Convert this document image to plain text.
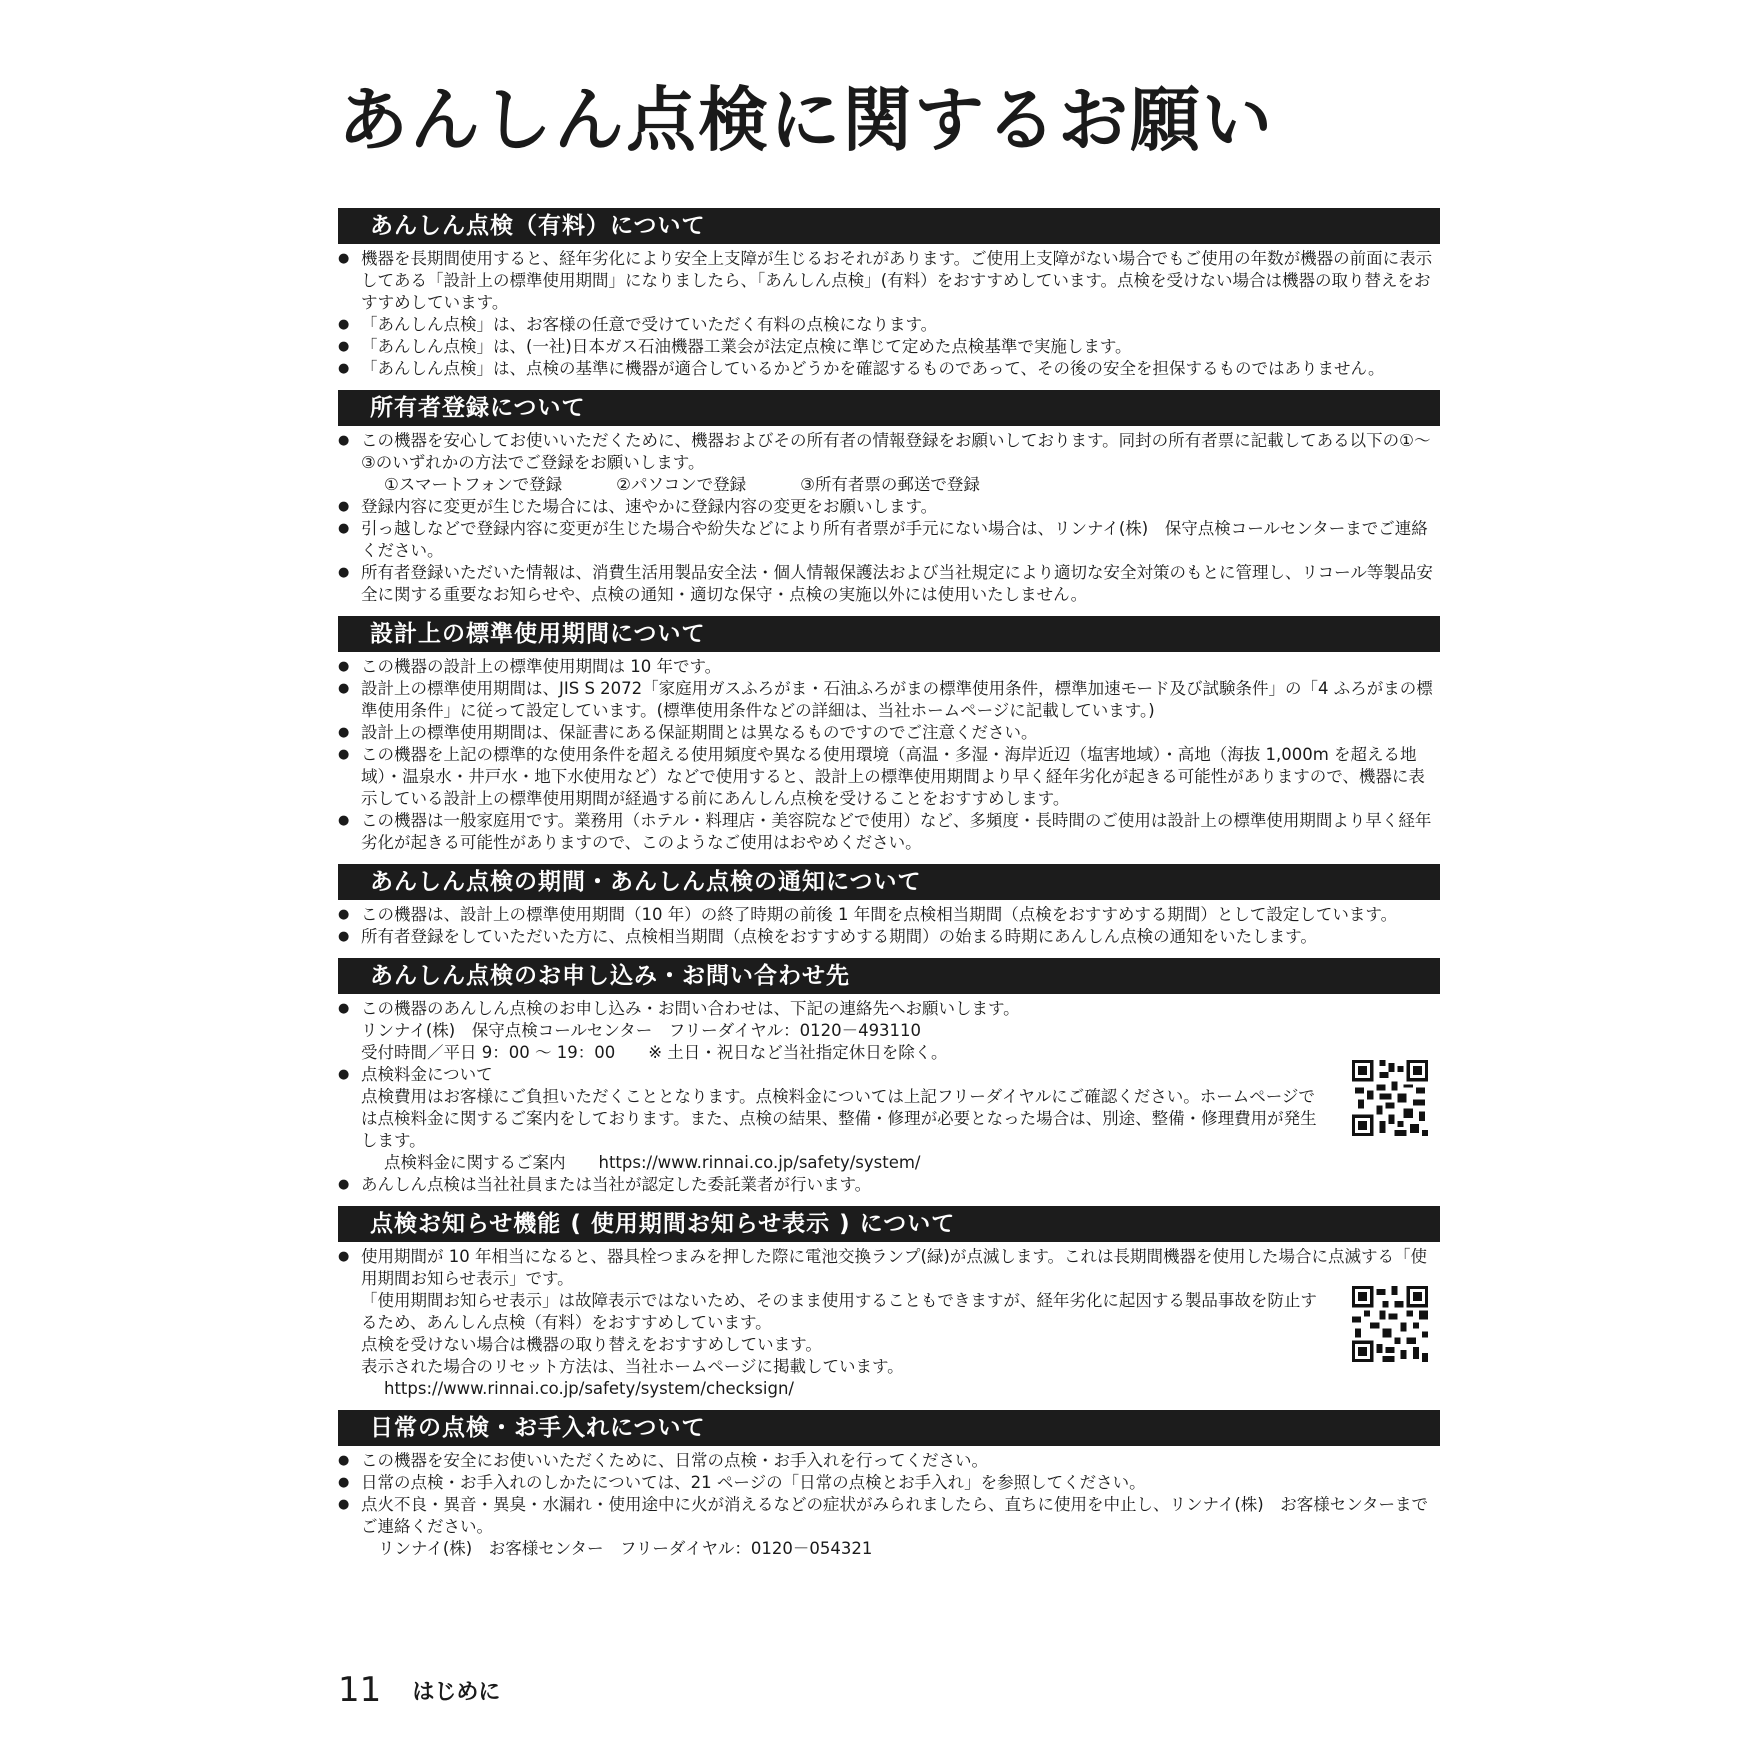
あんしん点検に関するお願い
あんしん点検（有料）について
● 機器を長期間使用すると、経年劣化により安全上支障が生じるおそれがあります。ご使用上支障がない場合でもご使用の年数が機器の前面に表示してある「設計上の標準使用期間」になりましたら、「あんしん点検」(有料）をおすすめしています。点検を受けない場合は機器の取り替えをおすすめしています。
● 「あんしん点検」は、お客様の任意で受けていただく有料の点検になります。
● 「あんしん点検」は、(一社)日本ガス石油機器工業会が法定点検に準じて定めた点検基準で実施します。
● 「あんしん点検」は、点検の基準に機器が適合しているかどうかを確認するものであって、その後の安全を担保するものではありません。
所有者登録について
● この機器を安心してお使いいただくために、機器およびその所有者の情報登録をお願いしております。同封の所有者票に記載してある以下の①～③のいずれかの方法でご登録をお願いします。
①スマートフォンで登録	②パソコンで登録	③所有者票の郵送で登録
● 登録内容に変更が生じた場合には、速やかに登録内容の変更をお願いします。
● 引っ越しなどで登録内容に変更が生じた場合や紛失などにより所有者票が手元にない場合は、リンナイ(株)　保守点検コールセンターまでご連絡ください。
● 所有者登録いただいた情報は、消費生活用製品安全法・個人情報保護法および当社規定により適切な安全対策のもとに管理し、リコール等製品安全に関する重要なお知らせや、点検の通知・適切な保守・点検の実施以外には使用いたしません。
設計上の標準使用期間について
● この機器の設計上の標準使用期間は 10 年です。
● 設計上の標準使用期間は、JIS S 2072「家庭用ガスふろがま・石油ふろがまの標準使用条件，標準加速モード及び試験条件」の「4 ふろがまの標準使用条件」に従って設定しています。(標準使用条件などの詳細は、当社ホームページに記載しています。)
● 設計上の標準使用期間は、保証書にある保証期間とは異なるものですのでご注意ください。
● この機器を上記の標準的な使用条件を超える使用頻度や異なる使用環境（高温・多湿・海岸近辺（塩害地域）・高地（海抜 1,000m を超える地域）・温泉水・井戸水・地下水使用など）などで使用すると、設計上の標準使用期間より早く経年劣化が起きる可能性がありますので、機器に表示している設計上の標準使用期間が経過する前にあんしん点検を受けることをおすすめします。
● この機器は一般家庭用です。業務用（ホテル・料理店・美容院などで使用）など、多頻度・長時間のご使用は設計上の標準使用期間より早く経年劣化が起きる可能性がありますので、このようなご使用はおやめください。
あんしん点検の期間・あんしん点検の通知について
● この機器は、設計上の標準使用期間（10 年）の終了時期の前後 1 年間を点検相当期間（点検をおすすめする期間）として設定しています。
● 所有者登録をしていただいた方に、点検相当期間（点検をおすすめする期間）の始まる時期にあんしん点検の通知をいたします。
あんしん点検のお申し込み・お問い合わせ先
● この機器のあんしん点検のお申し込み・お問い合わせは、下記の連絡先へお願いします。
リンナイ(株)　保守点検コールセンター　フリーダイヤル：0120－493110
受付時間／平日 9：00 ～ 19：00　　※ 土日・祝日など当社指定休日を除く。
● 点検料金について
点検費用はお客様にご負担いただくこととなります。点検料金については上記フリーダイヤルにご確認ください。ホームページでは点検料金に関するご案内をしております。また、点検の結果、整備・修理が必要となった場合は、別途、整備・修理費用が発生します。
点検料金に関するご案内　　https://www.rinnai.co.jp/safety/system/
● あんしん点検は当社社員または当社が認定した委託業者が行います。
点検お知らせ機能 ( 使用期間お知らせ表示 ) について
● 使用期間が 10 年相当になると、器具栓つまみを押した際に電池交換ランプ(緑)が点滅します。これは長期間機器を使用した場合に点滅する「使用期間お知らせ表示」です。
「使用期間お知らせ表示」は故障表示ではないため、そのまま使用することもできますが、経年劣化に起因する製品事故を防止するため、あんしん点検（有料）をおすすめしています。
点検を受けない場合は機器の取り替えをおすすめしています。
表示された場合のリセット方法は、当社ホームページに掲載しています。
https://www.rinnai.co.jp/safety/system/checksign/
日常の点検・お手入れについて
● この機器を安全にお使いいただくために、日常の点検・お手入れを行ってください。
● 日常の点検・お手入れのしかたについては、21 ページの「日常の点検とお手入れ」を参照してください。
● 点火不良・異音・異臭・水漏れ・使用途中に火が消えるなどの症状がみられましたら、直ちに使用を中止し、リンナイ(株)　お客様センターまでご連絡ください。
リンナイ(株)　お客様センター　フリーダイヤル：0120－054321
11 はじめに
